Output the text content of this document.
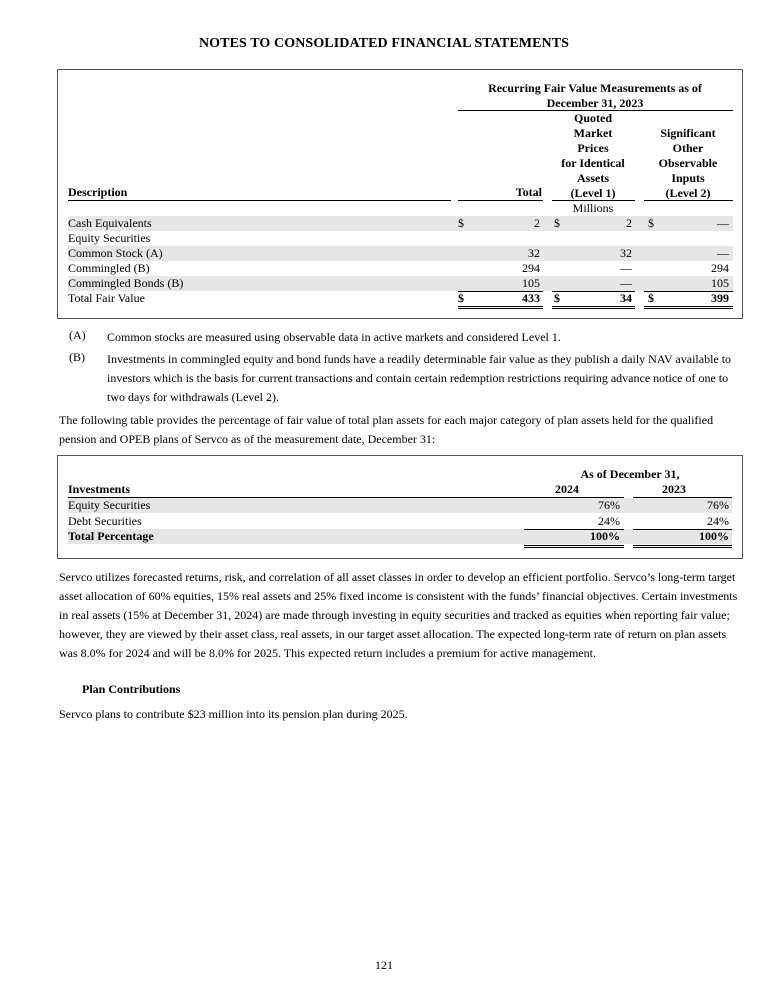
NOTES TO CONSOLIDATED FINANCIAL STATEMENTS
Recurring Fair Value Measurements as of
December 31, 2023
Description	Total
Quoted
Market
Prices
for Identical
Assets
(Level 1)
Significant
Other
Observable
Inputs
(Level 2)
Millions
Cash Equivalents	$	2 $	2 $	—
Equity Securities
Common Stock (A)	32	32	—
Commingled (B)	294	—	294
Commingled Bonds (B)	105	—	105
Total Fair Value	$	433 $	34 $	399
(A) Common stocks are measured using observable data in active markets and considered Level 1.
(B) Investments in commingled equity and bond funds have a readily determinable fair value as they publish a daily NAV available to investors which is the basis for current transactions and contain certain redemption restrictions requiring advance notice of one to two days for withdrawals (Level 2).
The following table provides the percentage of fair value of total plan assets for each major category of plan assets held for the qualified pension and OPEB plans of Servco as of the measurement date, December 31:
As of December 31,
Investments	2024	2023
Equity Securities	76%	76%
Debt Securities	24%	24%
Total Percentage	100%	100%
Servco utilizes forecasted returns, risk, and correlation of all asset classes in order to develop an efficient portfolio. Servco’s long-term target asset allocation of 60% equities, 15% real assets and 25% fixed income is consistent with the funds’ financial objectives. Certain investments in real assets (15% at December 31, 2024) are made through investing in equity securities and tracked as equities when reporting fair value; however, they are viewed by their asset class, real assets, in our target asset allocation. The expected long-term rate of return on plan assets was 8.0% for 2024 and will be 8.0% for 2025. This expected return includes a premium for active management.
Plan Contributions
Servco plans to contribute $23 million into its pension plan during 2025.
121
